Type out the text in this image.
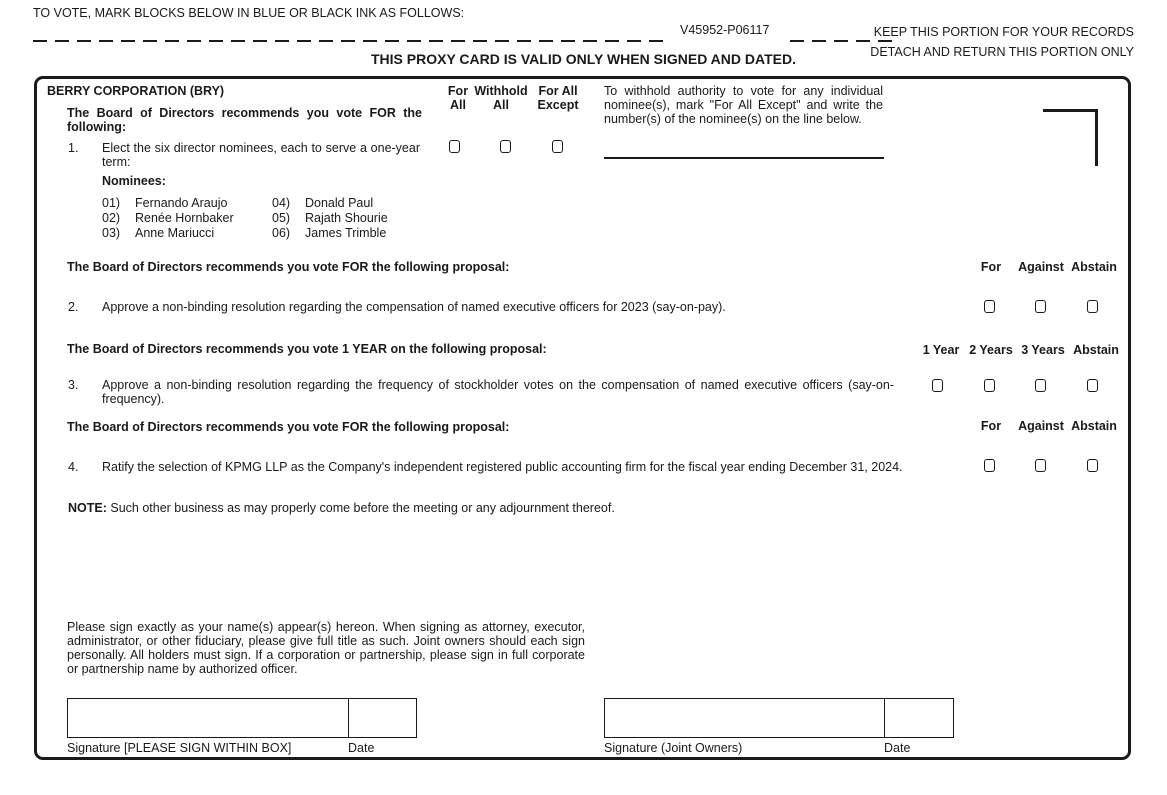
TO VOTE, MARK BLOCKS BELOW IN BLUE OR BLACK INK AS FOLLOWS:
V45952-P06117	KEEP THIS PORTION FOR YOUR RECORDS
DETACH AND RETURN THIS PORTION ONLY
THIS PROXY CARD IS VALID ONLY WHEN SIGNED AND DATED.
BERRY CORPORATION (BRY)
The Board of Directors recommends you vote FOR the following:
For
All
Withhold
All
For All
Except
To withhold authority to vote for any individual nominee(s), mark "For All Except" and write the number(s) of the nominee(s) on the line below.
1. Elect the six director nominees, each to serve a one-year term:
Nominees:
01) Fernando Araujo
02) Renée Hornbaker
03) Anne Mariucci
04) Donald Paul
05) Rajath Shourie
06) James Trimble
The Board of Directors recommends you vote FOR the following proposal:	For	Against Abstain
2. Approve a non-binding resolution regarding the compensation of named executive officers for 2023 (say-on-pay).
The Board of Directors recommends you vote 1 YEAR on the following proposal:	1 Year 2 Years 3 Years Abstain
3. Approve a non-binding resolution regarding the frequency of stockholder votes on the compensation of named executive officers (say-on-frequency).
The Board of Directors recommends you vote FOR the following proposal:	For	Against Abstain
4. Ratify the selection of KPMG LLP as the Company's independent registered public accounting firm for the fiscal year ending December 31, 2024.
NOTE: Such other business as may properly come before the meeting or any adjournment thereof.
Please sign exactly as your name(s) appear(s) hereon. When signing as attorney, executor, administrator, or other fiduciary, please give full title as such. Joint owners should each sign personally. All holders must sign. If a corporation or partnership, please sign in full corporate or partnership name by authorized officer.
Signature [PLEASE SIGN WITHIN BOX]	Date	Signature (Joint Owners)	Date
